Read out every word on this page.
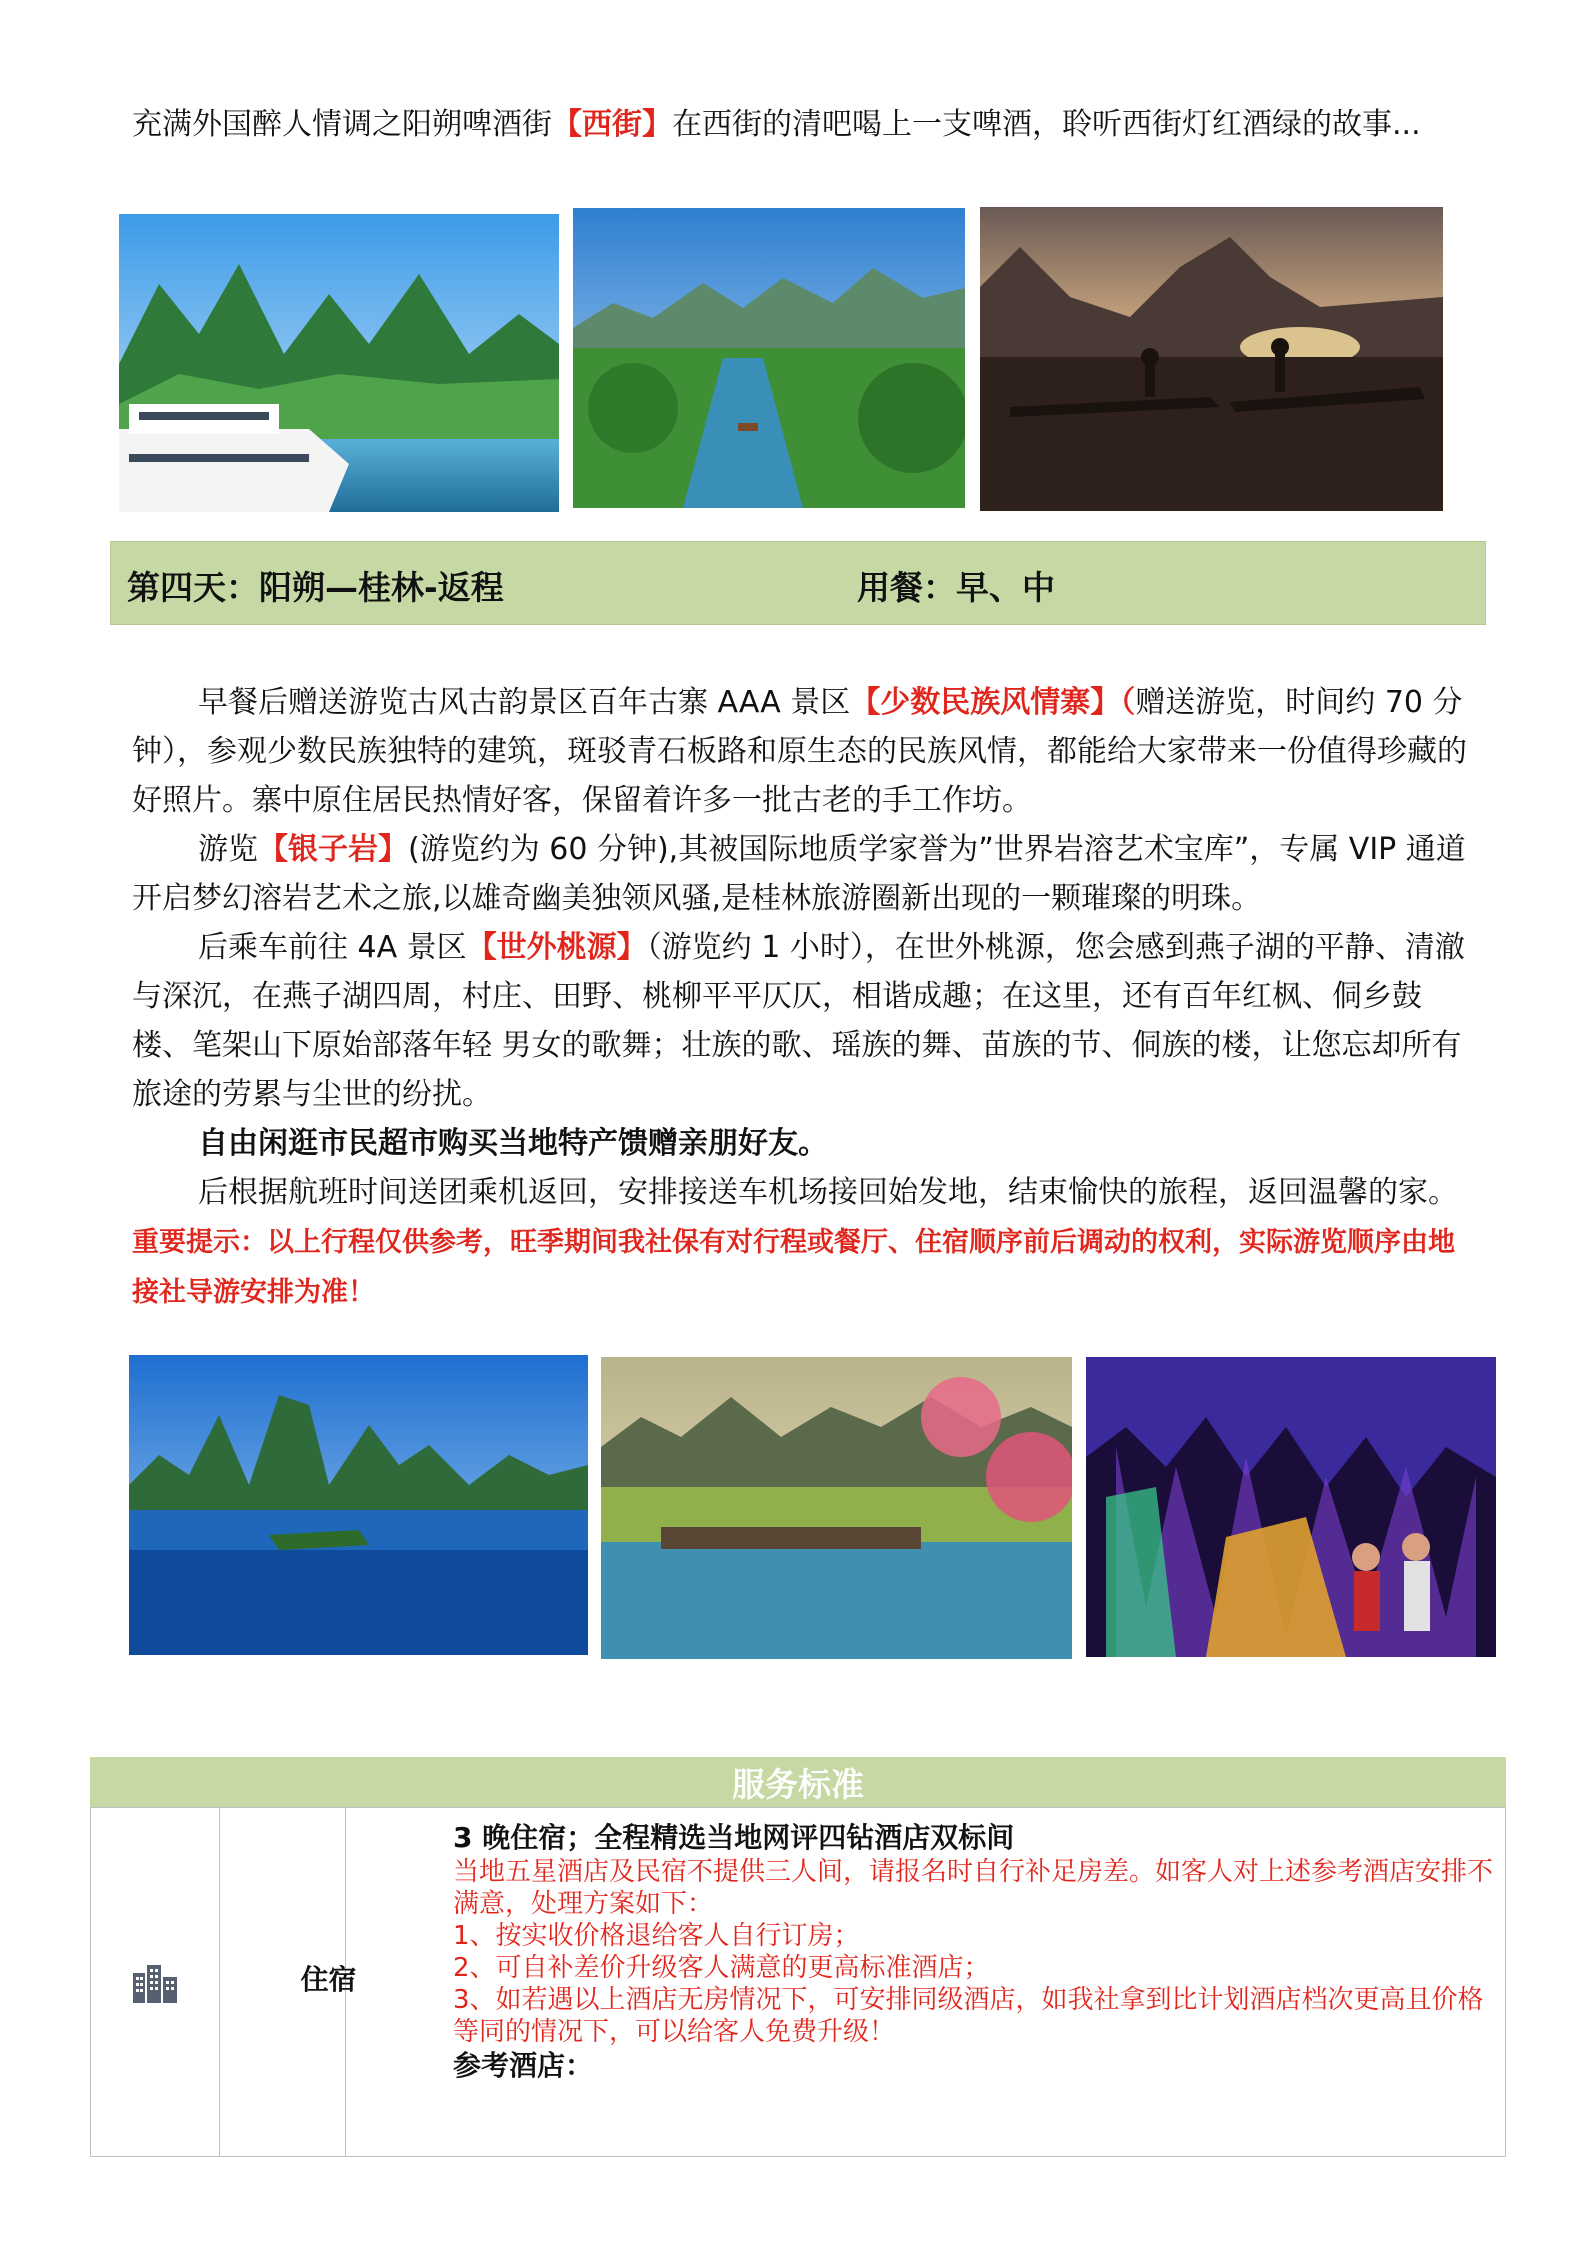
充满外国醉人情调之阳朔啤酒街【西街】在西街的清吧喝上一支啤酒，聆听西街灯红酒绿的故事...
第四天：阳朔—桂林-返程	用餐：早、中
早餐后赠送游览古风古韵景区百年古寨 AAA 景区【少数民族风情寨】（赠送游览，时间约 70 分钟），参观少数民族独特的建筑，斑驳青石板路和原生态的民族风情，都能给大家带来一份值得珍藏的好照片。寨中原住居民热情好客，保留着许多一批古老的手工作坊。
游览【银子岩】(游览约为 60 分钟),其被国际地质学家誉为”世界岩溶艺术宝库”，专属 VIP 通道开启梦幻溶岩艺术之旅,以雄奇幽美独领风骚,是桂林旅游圈新出现的一颗璀璨的明珠。
后乘车前往 4A 景区【世外桃源】（游览约 1 小时），在世外桃源，您会感到燕子湖的平静、清澈与深沉，在燕子湖四周，村庄、田野、桃柳平平仄仄，相谐成趣；在这里，还有百年红枫、侗乡鼓楼、笔架山下原始部落年轻 男女的歌舞；壮族的歌、瑶族的舞、苗族的节、侗族的楼，让您忘却所有旅途的劳累与尘世的纷扰。
自由闲逛市民超市购买当地特产馈赠亲朋好友。
后根据航班时间送团乘机返回，安排接送车机场接回始发地，结束愉快的旅程，返回温馨的家。重要提示：以上行程仅供参考，旺季期间我社保有对行程或餐厅、住宿顺序前后调动的权利，实际游览顺序由地接社导游安排为准！
服务标准
住宿
3 晚住宿；全程精选当地网评四钻酒店双标间
当地五星酒店及民宿不提供三人间，请报名时自行补足房差。如客人对上述参考酒店安排不满意，处理方案如下：
1、按实收价格退给客人自行订房；
2、可自补差价升级客人满意的更高标准酒店；
3、如若遇以上酒店无房情况下，可安排同级酒店，如我社拿到比计划酒店档次更高且价格等同的情况下，可以给客人免费升级！
参考酒店：
